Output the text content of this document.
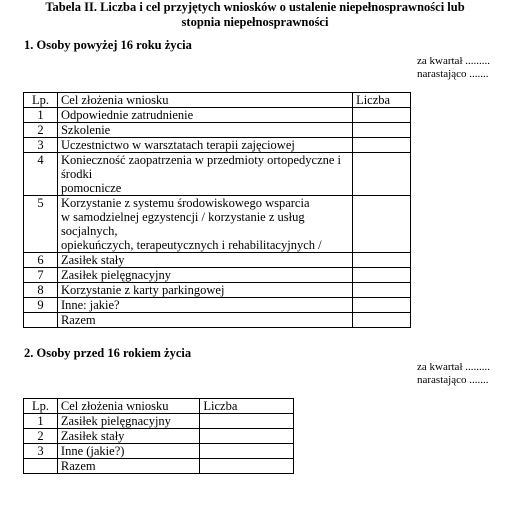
Tabela II. Liczba i cel przyjętych wniosków o ustalenie niepełnosprawności lub
stopnia niepełnosprawności
1. Osoby powyżej 16 roku życia
za kwartał .........
narastająco .......
Lp.	Cel złożenia wniosku	Liczba
1	Odpowiednie zatrudnienie	

2	Szkolenie	

3	Uczestnictwo w warsztatach terapii zajęciowej	

4	Konieczność zaopatrzenia w przedmioty ortopedyczne i środki
pomocnicze	

5	Korzystanie z systemu środowiskowego wsparcia
w samodzielnej egzystencji / korzystanie z usług socjalnych,
opiekuńczych, terapeutycznych i rehabilitacyjnych /	

6	Zasiłek stały	

7	Zasiłek pielęgnacyjny	

8	Korzystanie z karty parkingowej	

9	Inne: jakie?	

	Razem	

2. Osoby przed 16 rokiem życia
za kwartał .........
narastająco .......
Lp.	Cel złożenia wniosku	Liczba
1	Zasiłek pielęgnacyjny	

2	Zasiłek stały	

3	Inne (jakie?)	

	Razem	
